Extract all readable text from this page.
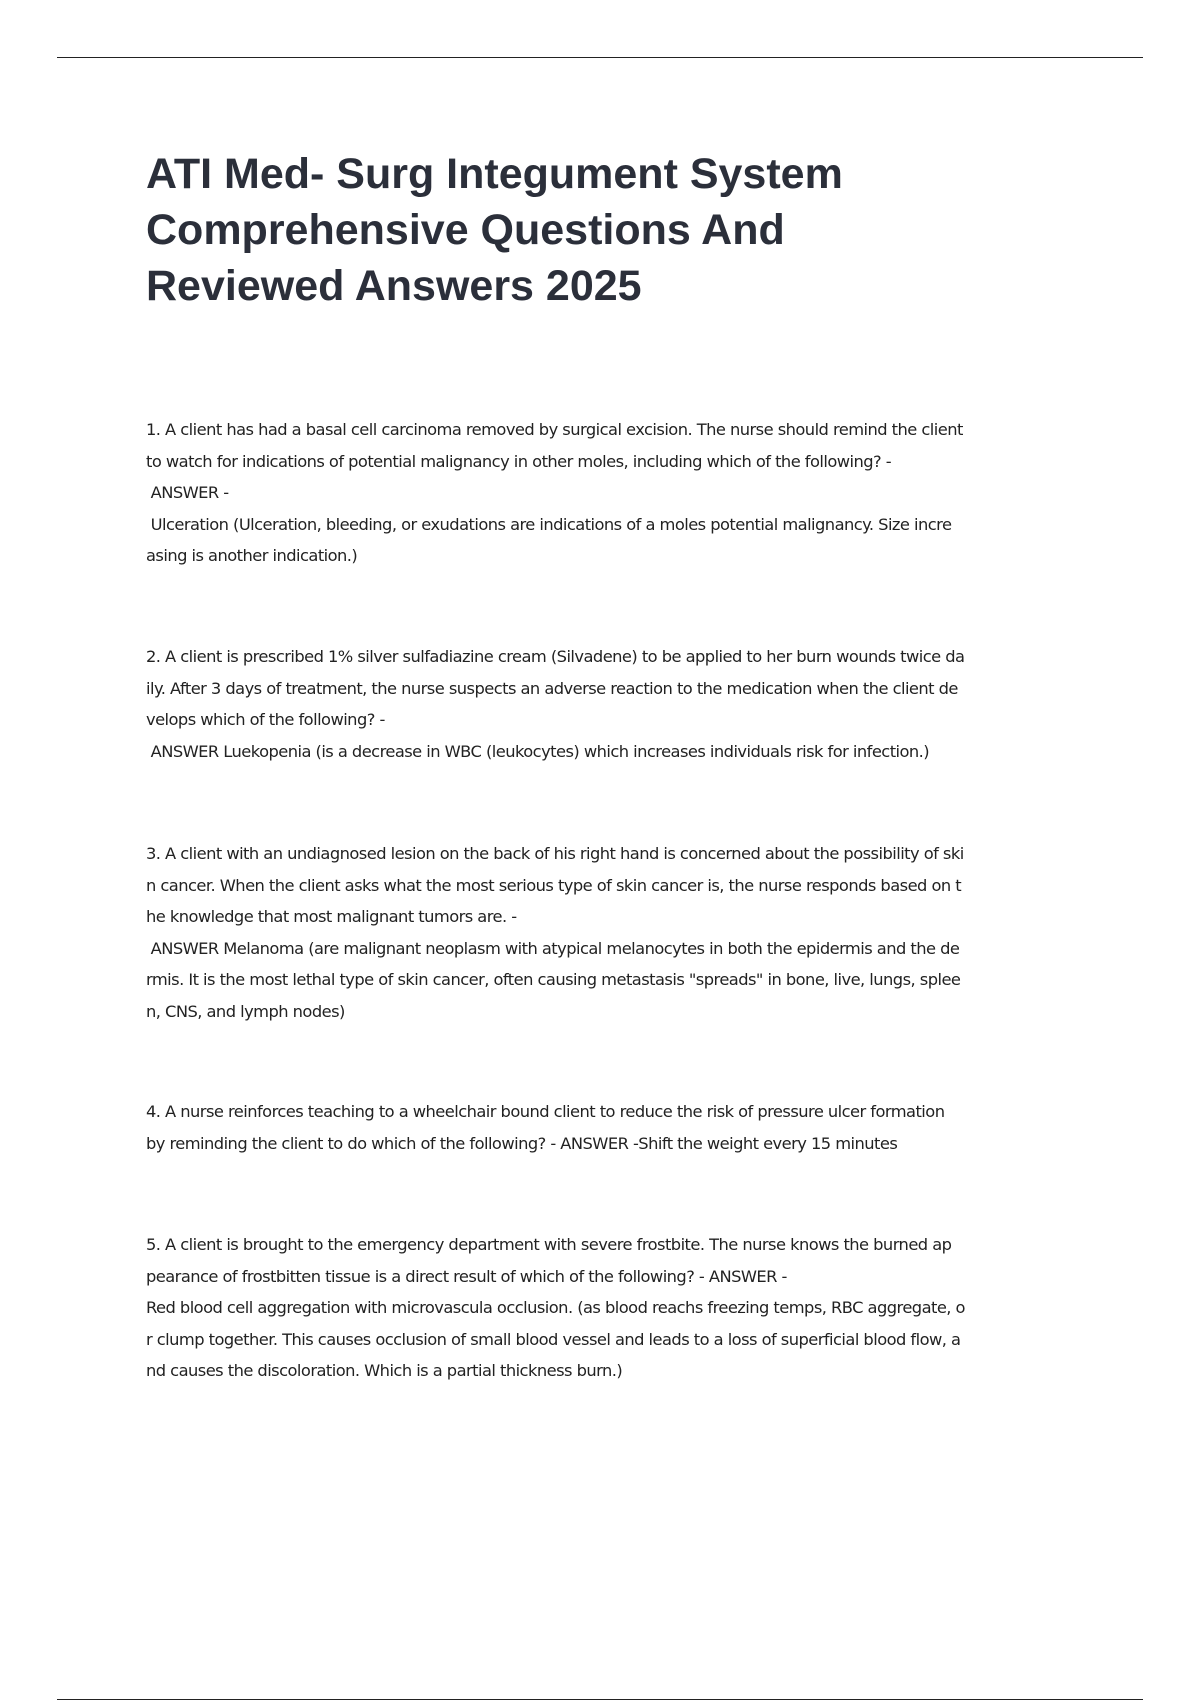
ATI Med- Surg Integument System
Comprehensive Questions And
Reviewed Answers 2025

1. A client has had a basal cell carcinoma removed by surgical excision. The nurse should remind the client
to watch for indications of potential malignancy in other moles, including which of the following? -
ANSWER -
Ulceration (Ulceration, bleeding, or exudations are indications of a moles potential malignancy. Size incre
asing is another indication.)

2. A client is prescribed 1% silver sulfadiazine cream (Silvadene) to be applied to her burn wounds twice da
ily. After 3 days of treatment, the nurse suspects an adverse reaction to the medication when the client de
velops which of the following? -
ANSWER Luekopenia (is a decrease in WBC (leukocytes) which increases individuals risk for infection.)

3. A client with an undiagnosed lesion on the back of his right hand is concerned about the possibility of ski
n cancer. When the client asks what the most serious type of skin cancer is, the nurse responds based on t
he knowledge that most malignant tumors are. -
ANSWER Melanoma (are malignant neoplasm with atypical melanocytes in both the epidermis and the de
rmis. It is the most lethal type of skin cancer, often causing metastasis "spreads" in bone, live, lungs, splee
n, CNS, and lymph nodes)

4. A nurse reinforces teaching to a wheelchair bound client to reduce the risk of pressure ulcer formation
by reminding the client to do which of the following? - ANSWER -Shift the weight every 15 minutes

5. A client is brought to the emergency department with severe frostbite. The nurse knows the burned ap
pearance of frostbitten tissue is a direct result of which of the following? - ANSWER -
Red blood cell aggregation with microvascula occlusion. (as blood reachs freezing temps, RBC aggregate, o
r clump together. This causes occlusion of small blood vessel and leads to a loss of superficial blood flow, a
nd causes the discoloration. Which is a partial thickness burn.)
